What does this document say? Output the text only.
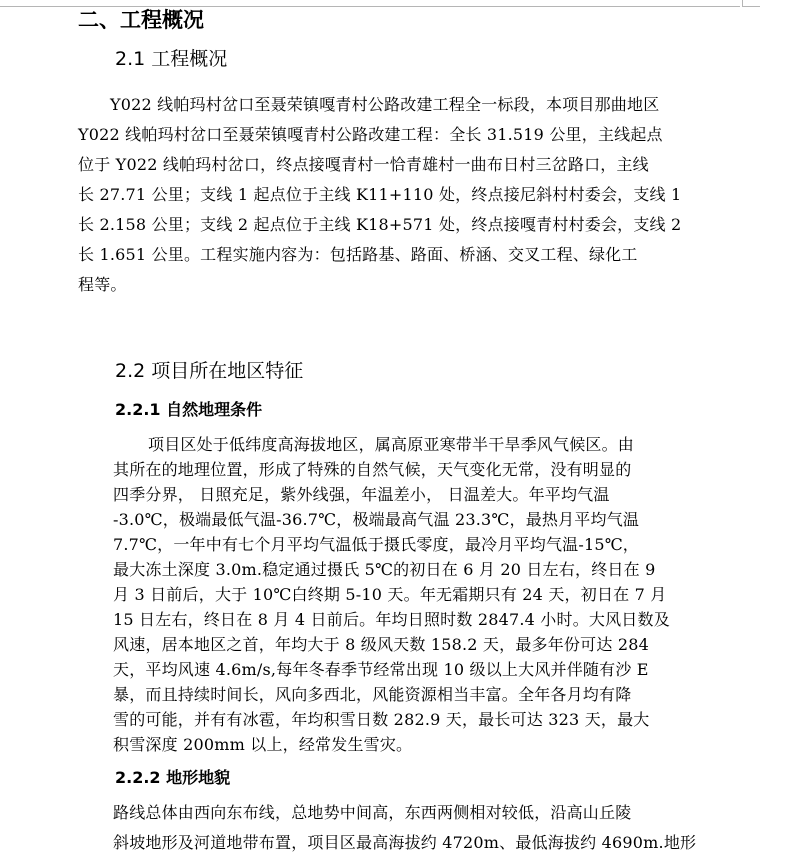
二、工程概况
2.1 工程概况
Y022 线帕玛村岔口至聂荣镇嘎青村公路改建工程全一标段，本项目那曲地区
Y022 线帕玛村岔口至聂荣镇嘎青村公路改建工程：全长 31.519 公里，主线起点
位于 Y022 线帕玛村岔口，终点接嘎青村一恰青雄村一曲布日村三岔路口，主线
长 27.71 公里；支线 1 起点位于主线 K11+110 处，终点接尼斜村村委会，支线 1
长 2.158 公里；支线 2 起点位于主线 K18+571 处，终点接嘎青村村委会，支线 2
长 1.651 公里。工程实施内容为：包括路基、路面、桥涵、交叉工程、绿化工
程等。
2.2 项目所在地区特征
2.2.1 自然地理条件
项目区处于低纬度高海拔地区，属高原亚寒带半干旱季风气候区。由
其所在的地理位置，形成了特殊的自然气候，天气变化无常，没有明显的
四季分界， 日照充足，紫外线强，年温差小， 日温差大。年平均气温
-3.0℃，极端最低气温-36.7℃，极端最高气温 23.3℃，最热月平均气温
7.7℃，一年中有七个月平均气温低于摄氏零度，最冷月平均气温-15℃，
最大冻土深度 3.0m.稳定通过摄氏 5℃的初日在 6 月 20 日左右，终日在 9
月 3 日前后，大于 10℃白终期 5-10 天。年无霜期只有 24 天，初日在 7 月
15 日左右，终日在 8 月 4 日前后。年均日照时数 2847.4 小时。大风日数及
风速，居本地区之首，年均大于 8 级风天数 158.2 天，最多年份可达 284
天，平均风速 4.6m/s,每年冬春季节经常出现 10 级以上大风并伴随有沙 E
暴，而且持续时间长，风向多西北，风能资源相当丰富。全年各月均有降
雪的可能，并有有冰雹，年均积雪日数 282.9 天，最长可达 323 天，最大
积雪深度 200mm 以上，经常发生雪灾。
2.2.2 地形地貌
路线总体由西向东布线，总地势中间高，东西两侧相对较低，沿高山丘陵
斜坡地形及河道地带布置，项目区最高海拔约 4720m、最低海拔约 4690m.地形
